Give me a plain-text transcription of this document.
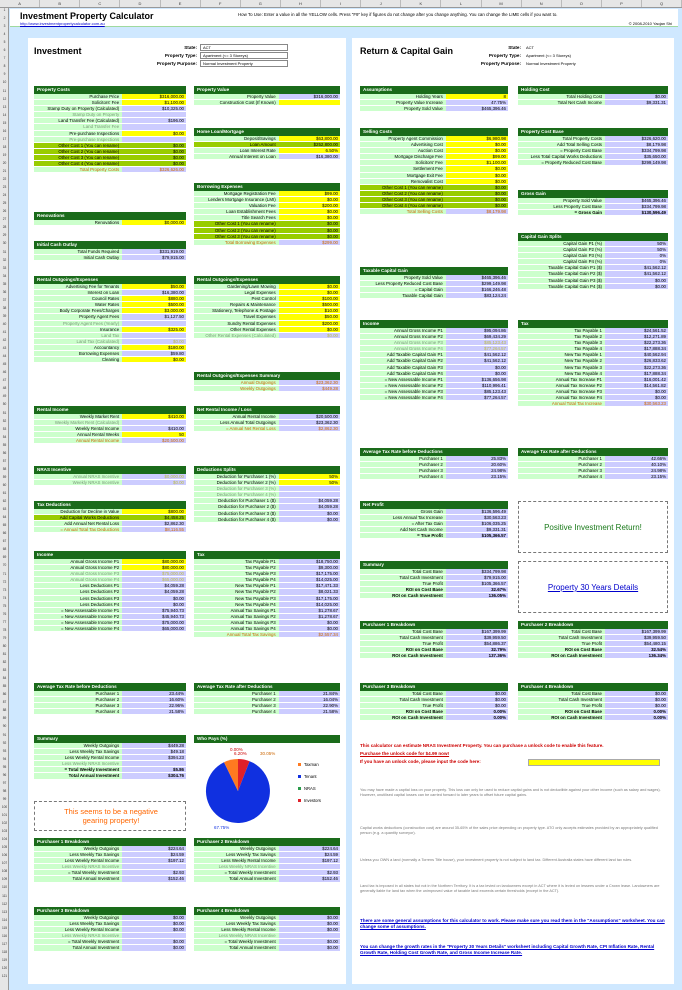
A	B	C	D	E	F	G	H	I	J	K	L	M	N	O	P	Q
1
2
3
4
5
6
7
8
9
10
11
12
13
14
15
16
17
18
19
20
21
22
23
24
25
26
27
28
29
30
31
32
33
34
35
36
37
38
39
40
41
42
43
44
45
46
47
48
49
50
51
52
53
54
55
56
57
58
59
60
61
62
63
64
65
66
67
68
69
70
71
72
73
74
75
76
77
78
79
80
81
82
83
84
85
86
87
88
89
90
91
92
93
94
95
96
97
98
99
100
101
102
103
104
105
106
107
108
109
110
111
112
113
114
115
116
117
118
119
120
121
Investment Property Calculator
http://www.investmentpropertycalculator.com.au
How To Use: Enter a value in all the YELLOW cells. Press "F9" key if figures do not change after you change anything. You can change the LIME cells if you want to.
© 2008-2010 Yaojan Shi
Investment	State:	ACT
Property Type:	Apartment (<= 3 Storeys)
Property Purpose:	Normal Investment Property
Property Costs
Purchase Price	$316,000.00
Solicitors' Fee	$1,100.00
Stamp Duty on Property (Calculated)	$10,325.00
Stamp Duty on Property
Land Transfer Fee (Calculated)	$196.00
Land Transfer Fee
Pre-purchase Inspections	$0.00
Pre-purchase Inspections
Other Cost 1 (You can rename)	$0.00
Other Cost 2 (You can rename)	$0.00
Other Cost 3 (You can rename)	$0.00
Other Cost 4 (You can rename)	$0.00
Total Property Costs	$326,626.00
Renovations
Renovations	$0,000.00
Initial Cash Outlay
Total Funds Required	$331,919.00
Initial Cash Outlay	$79,915.00
Rental Outgoings/Expenses
Advertising Fee for Tenants	$50.00
Interest on Loan	$16,380.00
Council Rates	$880.00
Water Rates	$500.00
Body Corporate Fees/Charges	$3,000.00
Property Agent Fees	$1,127.50
Property Agent Fees (Yearly)
Insurance	$325.00
Land Tax
Land Tax (Calculated)	$0.00
Accountancy	$180.00
Borrowing Expenses	$59.80
Cleaning	$0.00
Rental Income
Weekly Market Rent	$410.00
Weekly Market Rent (Calculated)
Weekly Rental Income	$410.00
Annual Rental Weeks	50
Annual Rental Income	$20,500.00
NRAS Incentive
Annual NRAS Incentive	$0,000.00
Weekly NRAS Incentive	$0.00
Tax Deductions
Deduction for Decline in Value	$800.00
Add Capital Works Deductions	$4,458.25
Add Annual Net Rental Loss	$2,862.30
= Annual Total Tax Deductions	$8,116.55
Income
Annual Gross Income P1	$80,000.00
Annual Gross Income P2	$80,000.00
Annual Gross Income P3	$75,000.00
Annual Gross Income P4	$65,000.00
Less Deductions P1	$4,059.28
Less Deductions P2	$4,059.28
Less Deductions P3	$0.00
Less Deductions P4	$0.00
= New Assessable Income P1	$75,940.73
= New Assessable Income P2	$45,940.73
= New Assessable Income P3	$75,000.00
= New Assessable Income P4	$65,000.00
Average Tax Rate before Deductions
Purchaser 1	23.44%
Purchaser 2	16.60%
Purchaser 3	22.96%
Purchaser 4	21.58%
Summary
Weekly Outgoings	$449.28
Less Weekly Tax Savings	$49.18
Less Weekly Rental Income	$394.23
Less Weekly NRAS Incentive
= Total Weekly Investment	$5.86
Total Annual Investment	$304.76
This seems to be a negative gearing property!
Purchaser 1 Breakdown
Weekly Outgoings	$224.64
Less Weekly Tax Savings	$24.59
Less Weekly Rental Income	$197.12
Less Weekly NRAS Incentive
= Total Weekly Investment	$2.93
Total Annual Investment	$152.46
Purchaser 3 Breakdown
Weekly Outgoings	$0.00
Less Weekly Tax Savings	$0.00
Less Weekly Rental Income	$0.00
Less Weekly NRAS Incentive
= Total Weekly Investment	$0.00
Total Annual Investment	$0.00
Property Value
Property Value	$316,000.00
Construction Cost (If Known)
Home Loan/Mortgage
Deposit/Savings	$63,800.00
Loan Amount	$252,800.00
Loan Interest Rate	6.50%
Annual Interest on Loan	$16,380.00
Borrowing Expenses
Mortgage Registration Fee	$99.00
Lenders Mortgage Insurance (LMI)	$0.00
Valuation Fee	$200.00
Loan Establishment Fees	$0.00
Title Search Fees	$0.00
Other Cost 1 (You can rename)	$0.00
Other Cost 2 (You can rename)	$0.00
Other Cost 3 (You can rename)	$0.00
Total Borrowing Expenses	$299.00
Rental Outgoings/Expenses
Gardening/Lawn Mowing	$0.00
Legal Expenses	$0.00
Pest Control	$100.00
Repairs & Maintenance	$500.00
Stationery, Telephone & Postage	$10.00
Travel Expenses	$50.00
Sundry Rental Expenses	$200.00
Other Rental Expenses	$0.00
Other Rental Expenses (Calculated)	$0.00
Rental Outgoings/Expenses Summary
Annual Outgoings	$23,362.30
Weekly Outgoings	$449.28
Net Rental Income / Loss
Annual Rental Income	$20,500.00
Less Annual Total Outgoings	$23,362.30
= Annual Net Rental Loss	$2,862.30
Deductions Splits
Deduction for Purchaser 1 (%)	50%
Deduction for Purchaser 2 (%)	50%
Deduction for Purchaser 3 (%)
Deduction for Purchaser 4 (%)
Deduction for Purchaser 1 ($)	$4,059.28
Deduction for Purchaser 2 ($)	$4,059.28
Deduction for Purchaser 3 ($)	$0.00
Deduction for Purchaser 4 ($)	$0.00
Tax
Tax Payable P1	$18,750.00
Tax Payable P2	$9,300.00
Tax Payable P3	$17,175.00
Tax Payable P4	$14,025.00
New Tax Payable P1	$17,471.33
New Tax Payable P2	$8,021.33
New Tax Payable P3	$17,175.00
New Tax Payable P4	$14,025.00
Annual Tax Savings P1	$1,278.67
Annual Tax Savings P2	$1,278.67
Annual Tax Savings P3	$0.00
Annual Tax Savings P4	$0.00
Annual Total Tax Savings	$2,557.34
Average Tax Rate after Deductions
Purchaser 1	21.84%
Purchaser 2	16.04%
Purchaser 3	22.90%
Purchaser 4	21.58%
Who Pays (%)
0.00%
6.20%	30.05%
67.75%
Taxman
Tenant
NRAS
Investors
Purchaser 2 Breakdown
Weekly Outgoings	$224.64
Less Weekly Tax Savings	$24.59
Less Weekly Rental Income	$197.12
Less Weekly NRAS Incentive
= Total Weekly Investment	$2.93
Total Annual Investment	$152.46
Purchaser 4 Breakdown
Weekly Outgoings	$0.00
Less Weekly Tax Savings	$0.00
Less Weekly Rental Income	$0.00
Less Weekly NRAS Incentive
= Total Weekly Investment	$0.00
Total Annual Investment	$0.00
Return & Capital Gain	State:	ACT
Property Type:	Apartment (<= 3 Storeys)
Property Purpose:	Normal Investment Property
Assumptions
Holding Years	8
Property Value Increase	47.75%
Property Sold Value	$465,396.46
Selling Costs
Property Agent Commission	$6,980.98
Advertising Cost	$0.00
Auction Cost	$0.00
Mortgage Discharge Fee	$99.00
Solicitors' Fee	$1,100.00
Settlement Fee	$0.00
Mortgage Exit Fee	$0.00
Removalist Cost	$0.00
Other Cost 1 (You can rename)	$0.00
Other Cost 2 (You can rename)	$0.00
Other Cost 3 (You can rename)	$0.00
Other Cost 4 (You can rename)	$0.00
Total Selling Costs	$8,179.98
Taxable Capital Gain
Property Sold Value	$465,396.46
Less Property Reduced Cost Base	$299,149.98
= Capital Gain	$166,246.48
Taxable Capital Gain	$83,124.24
Income
Annual Gross Income P1	$95,094.86
Annual Gross Income P2	$69,434.29
Annual Gross Income P3	$85,123.43
Annual Gross Income P4	$77,264.57
Add Taxable Capital Gain P1	$41,562.12
Add Taxable Capital Gain P2	$41,562.12
Add Taxable Capital Gain P3	$0.00
Add Taxable Capital Gain P4	$0.00
= New Assessable Income P1	$136,656.98
= New Assessable Income P2	$110,996.41
= New Assessable Income P3	$85,123.43
= New Assessable Income P4	$77,264.57
Average Tax Rate before Deductions
Purchaser 1	25.83%
Purchaser 2	20.60%
Purchaser 3	24.98%
Purchaser 4	23.15%
Net Profit
Gross Gain	$136,596.49
Less Annual Tax Increase	$30,563.23
= After Tax Gain	$106,035.25
Add Net Cash Income	$9,331.31
= True Profit	$105,366.57
Summary
Total Cost Base	$334,799.98
Total Cash Investment	$79,915.00
True Profit	$105,366.57
ROI on Cost Base	32.67%
ROI on Cash Investment	136.05%
Purchaser 1 Breakdown
Total Cost Base	$167,399.99
Total Cash Investment	$39,959.50
True Profit	$54,886.37
ROI on Cost Base	32.79%
ROI on Cash Investment	137.36%
Purchaser 3 Breakdown
Total Cost Base	$0.00
Total Cash Investment	$0.00
True Profit	$0.00
ROI on Cost Base	0.00%
ROI on Cash Investment	0.00%
Holding Cost
Total Holding Cost	$0.00
Total Net Cash Income	$9,331.31
Property Cost Base
Total Property Costs	$326,620.00
Add Total Selling Costs	$8,179.98
= Property Cost Base	$334,799.98
Less Total Capital Works Deductions	$35,650.00
= Property Reduced Cost Base	$299,149.98
Gross Gain
Property Sold Value	$465,396.46
Less Property Cost Base	$334,799.98
= Gross Gain	$130,596.49
Capital Gain Splits
Capital Gain P1 (%)	50%
Capital Gain P2 (%)	50%
Capital Gain P3 (%)	0%
Capital Gain P4 (%)	0%
Taxable Capital Gain P1 ($)	$41,562.12
Taxable Capital Gain P2 ($)	$41,562.12
Taxable Capital Gain P3 ($)	$0.00
Taxable Capital Gain P4 ($)	$0.00
Tax
Tax Payable 1	$24,561.52
Tax Payable 2	$12,271.89
Tax Payable 3	$22,273.36
Tax Payable 4	$17,888.34
New Tax Payable 1	$40,562.94
New Tax Payable 2	$26,833.62
New Tax Payable 3	$22,273.36
New Tax Payable 4	$17,888.34
Annual Tax Increase P1	$16,001.42
Annual Tax Increase P2	$14,561.82
Annual Tax Increase P3	$0.00
Annual Tax Increase P4	$0.00
Annual Total Tax Increase	$30,563.23
Average Tax Rate after Deductions
Purchaser 1	42.66%
Purchaser 2	40.10%
Purchaser 3	24.98%
Purchaser 4	23.15%
Positive Investment Return!
Property 30 Years Details
Purchaser 2 Breakdown
Total Cost Base	$167,399.99
Total Cash Investment	$39,959.50
True Profit	$54,480.15
ROI on Cost Base	32.54%
ROI on Cash Investment	136.34%
Purchaser 4 Breakdown
Total Cost Base	$0.00
Total Cash Investment	$0.00
True Profit	$0.00
ROI on Cost Base	0.00%
ROI on Cash Investment	0.00%
This calculator can estimate NRAS Investment Property. You can purchase a unlock code to enable this feature.
Purchase the unlock code for $4.99 now!
If you have an unlock code, please input the code here:
You may have made a capital loss on your property. This loss can only be used to reduce capital gains and is not deductible against your other income (such as salary and wages). However, unutilised capital losses can be carried forward to later years to offset future capital gains.
Capital works deductions (construction cost) are around 35-65% of the sales price depending on property type. ATO only accepts estimates provided by an appropriately qualified person (e.g. a quantity surveyor).
Unless you OWN a land (normally a Torrens Title house), your investment property is not subject to land tax. Different Australia states have different land tax rules.
Land tax is imposed in all states but not in the Northern Territory. It is a tax levied on landowners except in ACT where it is levied on lessees under a Crown lease. Landowners are generally liable for land tax when the unimproved value of taxable land exceeds certain thresholds (except in the ACT).
There are some general assumptions for this calculator to work. Please make sure you read them in the "Assumptions" worksheet. You can change some of assumptions.
You can change the growth rates in the "Property 30 Years Details" worksheet including Capital Growth Rate, CPI Inflation Rate, Rental Growth Rate, Holding Cost Growth Rate, and Gross Income Increase Rate.
